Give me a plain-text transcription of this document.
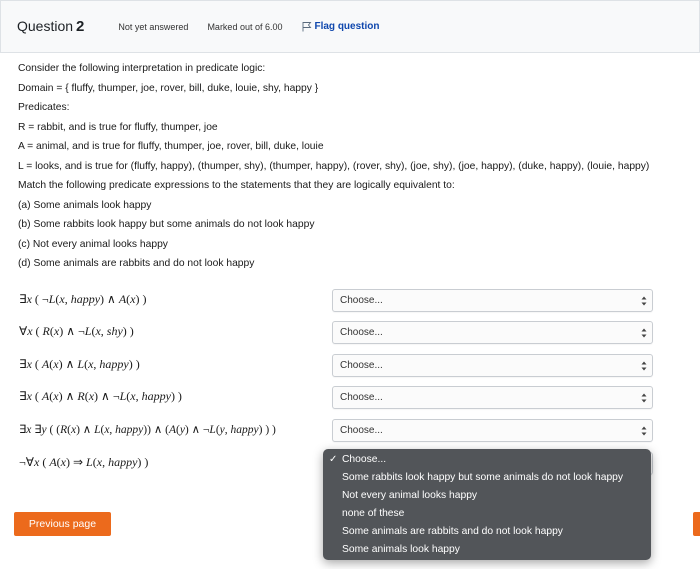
Question 2	Not yet answered Marked out of 6.00	Flag question
Consider the following interpretation in predicate logic:
Domain = { fluffy, thumper, joe, rover, bill, duke, louie, shy, happy }
Predicates:
R = rabbit, and is true for fluffy, thumper, joe
A = animal, and is true for fluffy, thumper, joe, rover, bill, duke, louie
L = looks, and is true for (fluffy, happy), (thumper, shy), (thumper, happy), (rover, shy), (joe, shy), (joe, happy), (duke, happy), (louie, happy)
Match the following predicate expressions to the statements that they are logically equivalent to:
(a) Some animals look happy
(b) Some rabbits look happy but some animals do not look happy
(c) Not every animal looks happy
(d) Some animals are rabbits and do not look happy
∃x ( ¬L(x, happy) ∧ A(x) )	Choose...
∀x ( R(x) ∧ ¬L(x, shy) )	Choose...
∃x ( A(x) ∧ L(x, happy) )	Choose...
∃x ( A(x) ∧ R(x) ∧ ¬L(x, happy) )	Choose...
∃x ∃y ( (R(x) ∧ L(x, happy)) ∧ (A(y) ∧ ¬L(y, happy) ) )	Choose...
¬∀x ( A(x) ⇒ L(x, happy) )	✓ Choose...
Some rabbits look happy but some animals do not look happy
Not every animal looks happy
none of these
Some animals are rabbits and do not look happy
Some animals look happy
Previous page
